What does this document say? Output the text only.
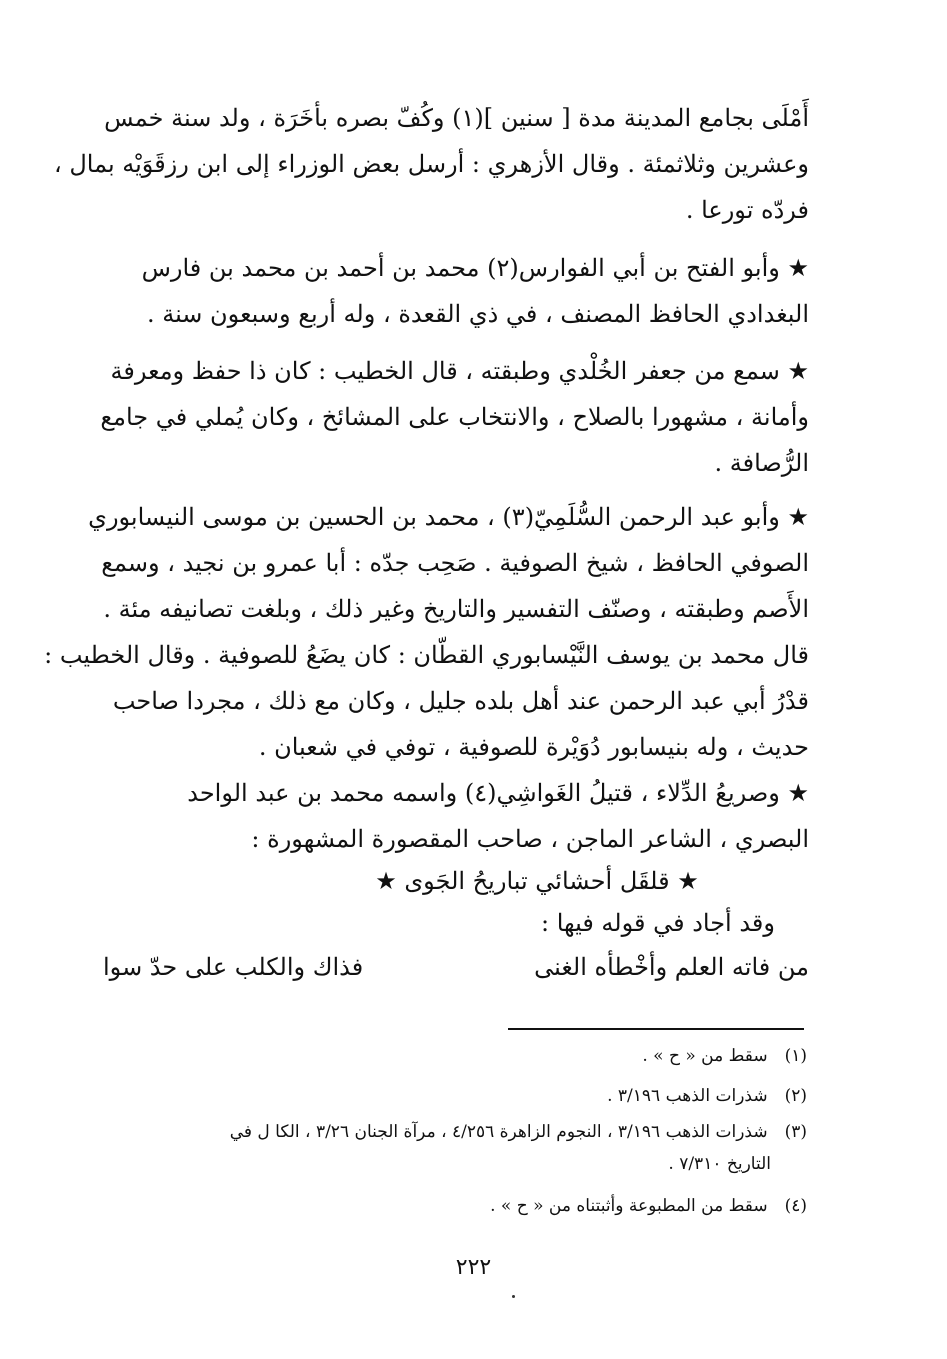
أَمْلَى بجامع المدينة مدة [ سنين ](١) وكُفّ بصره بأخَرَة ، ولد سنة خمس
وعشرين وثلاثمئة . وقال الأزهري : أرسل بعض الوزراء إلى ابن رزقَوَيْه بمال ،
فردّه تورعا .
★ وأبو الفتح بن أبي الفوارس(٢) محمد بن أحمد بن محمد بن فارس
البغدادي الحافظ المصنف ، في ذي القعدة ، وله أربع وسبعون سنة .
★ سمع من جعفر الخُلْدي وطبقته ، قال الخطيب : كان ذا حفظ ومعرفة
وأمانة ، مشهورا بالصلاح ، والانتخاب على المشائخ ، وكان يُملي في جامع
الرُّصافة .
★ وأبو عبد الرحمن السُّلَمِيّ(٣) ، محمد بن الحسين بن موسى النيسابوري
الصوفي الحافظ ، شيخ الصوفية . صَحِب جدّه : أبا عمرو بن نجيد ، وسمع
الأَصم وطبقته ، وصنّف التفسير والتاريخ وغير ذلك ، وبلغت تصانيفه مئة .
قال محمد بن يوسف النَّيْسابوري القطّان : كان يضَعُ للصوفية . وقال الخطيب :
قدْرُ أبي عبد الرحمن عند أهل بلده جليل ، وكان مع ذلك ، مجردا صاحب
حديث ، وله بنيسابور دُوَيْرة للصوفية ، توفي في شعبان .
★ وصريعُ الدِّلاء ، قتيلُ الغَواشِي(٤) واسمه محمد بن عبد الواحد
البصري ، الشاعر الماجن ، صاحب المقصورة المشهورة :
★ قلقَل أحشائي تباريحُ الجَوى ★
وقد أجاد في قوله فيها :
من فاته العلم وأخْطأه الغنى
فذاك والكلب على حدّ سوا
(١) سقط من « ح » .
(٢) شذرات الذهب ٣/١٩٦ .
(٣) شذرات الذهب ٣/١٩٦ ، النجوم الزاهرة ٤/٢٥٦ ، مرآة الجنان ٣/٢٦ ، الكا ل في
التاريخ ٧/٣١٠ .
(٤) سقط من المطبوعة وأثبتناه من « ح » .
٢٢٢
